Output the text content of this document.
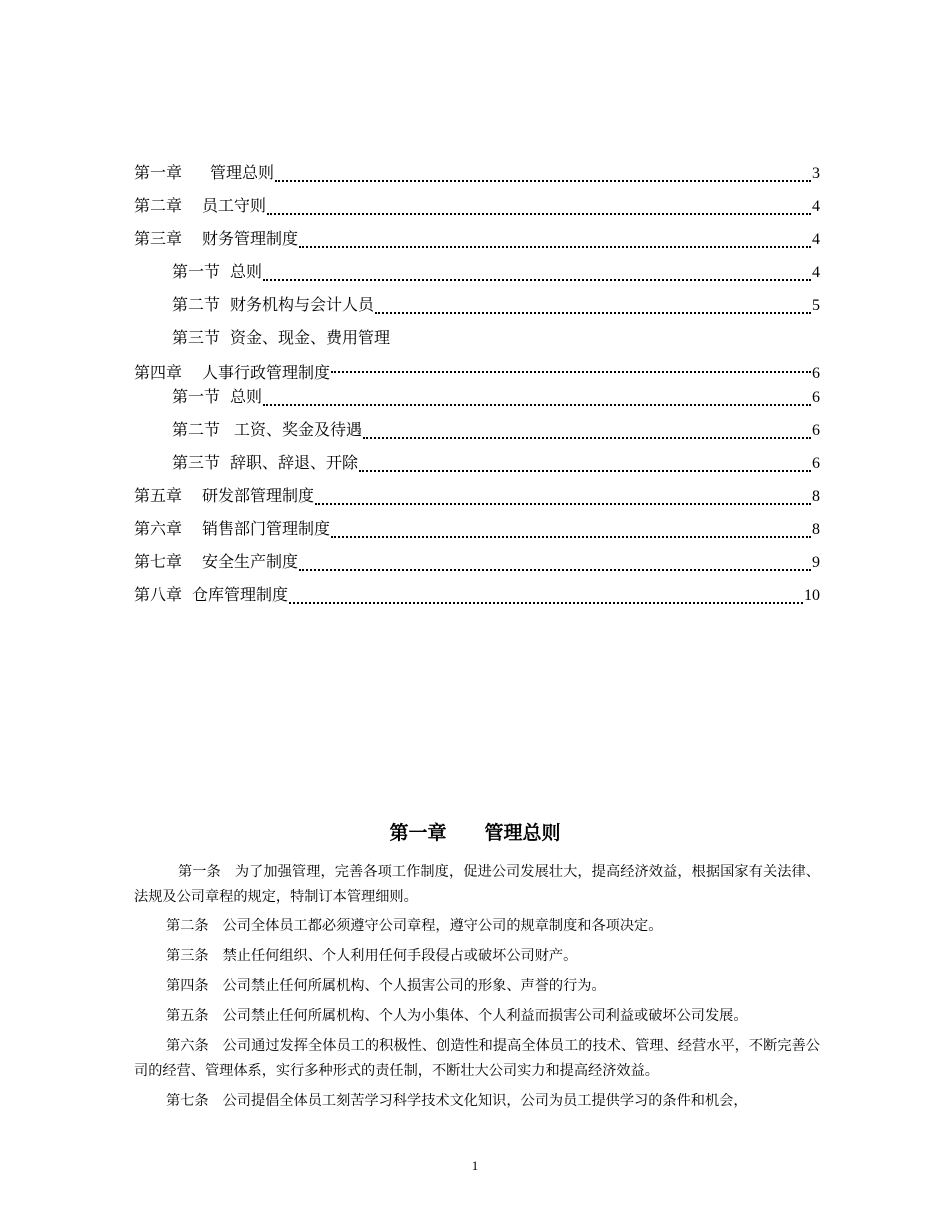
第一章 管理总则	3
第二章 员工守则	4
第三章 财务管理制度	4
第一节 总则	4
第二节 财务机构与会计人员	5
第三节 资金、现金、费用管理
第四章 人事行政管理制度	6
第一节 总则	6
第二节 工资、奖金及待遇	6
第三节 辞职、辞退、开除	6
第五章 研发部管理制度	8
第六章 销售部门管理制度	8
第七章 安全生产制度	9
第八章 仓库管理制度	10
第一章 管理总则

第一条 为了加强管理，完善各项工作制度，促进公司发展壮大，提高经济效益，根据国家有关法律、法规及公司章程的规定，特制订本管理细则。

第二条 公司全体员工都必须遵守公司章程，遵守公司的规章制度和各项决定。

第三条 禁止任何组织、个人利用任何手段侵占或破坏公司财产。

第四条 公司禁止任何所属机构、个人损害公司的形象、声誉的行为。

第五条 公司禁止任何所属机构、个人为小集体、个人利益而损害公司利益或破坏公司发展。

第六条 公司通过发挥全体员工的积极性、创造性和提高全体员工的技术、管理、经营水平，不断完善公司的经营、管理体系，实行多种形式的责任制，不断壮大公司实力和提高经济效益。

第七条 公司提倡全体员工刻苦学习科学技术文化知识，公司为员工提供学习的条件和机会，

1
